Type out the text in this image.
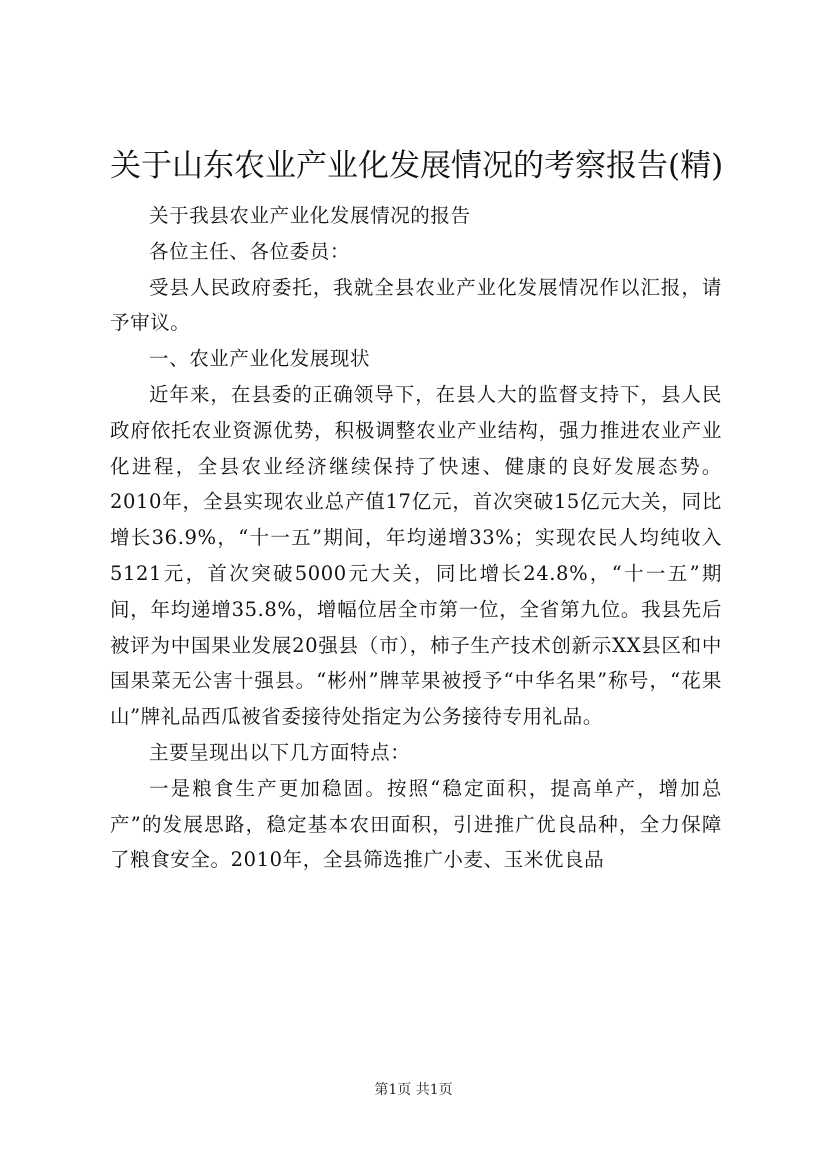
关于山东农业产业化发展情况的考察报告(精)

关于我县农业产业化发展情况的报告

各位主任、各位委员：

受县人民政府委托，我就全县农业产业化发展情况作以汇报，请予审议。

一、农业产业化发展现状

近年来，在县委的正确领导下，在县人大的监督支持下，县人民政府依托农业资源优势，积极调整农业产业结构，强力推进农业产业化进程，全县农业经济继续保持了快速、健康的良好发展态势。2010年，全县实现农业总产值17亿元，首次突破15亿元大关，同比增长36.9%，“十一五”期间，年均递增33%；实现农民人均纯收入5121元，首次突破5000元大关，同比增长24.8%，“十一五”期间，年均递增35.8%，增幅位居全市第一位，全省第九位。我县先后被评为中国果业发展20强县（市），柿子生产技术创新示XX县区和中国果菜无公害十强县。“彬州”牌苹果被授予“中华名果”称号，“花果山”牌礼品西瓜被省委接待处指定为公务接待专用礼品。

主要呈现出以下几方面特点：

一是粮食生产更加稳固。按照“稳定面积，提高单产，增加总产”的发展思路，稳定基本农田面积，引进推广优良品种，全力保障了粮食安全。2010年，全县筛选推广小麦、玉米优良品

第1页 共1页
